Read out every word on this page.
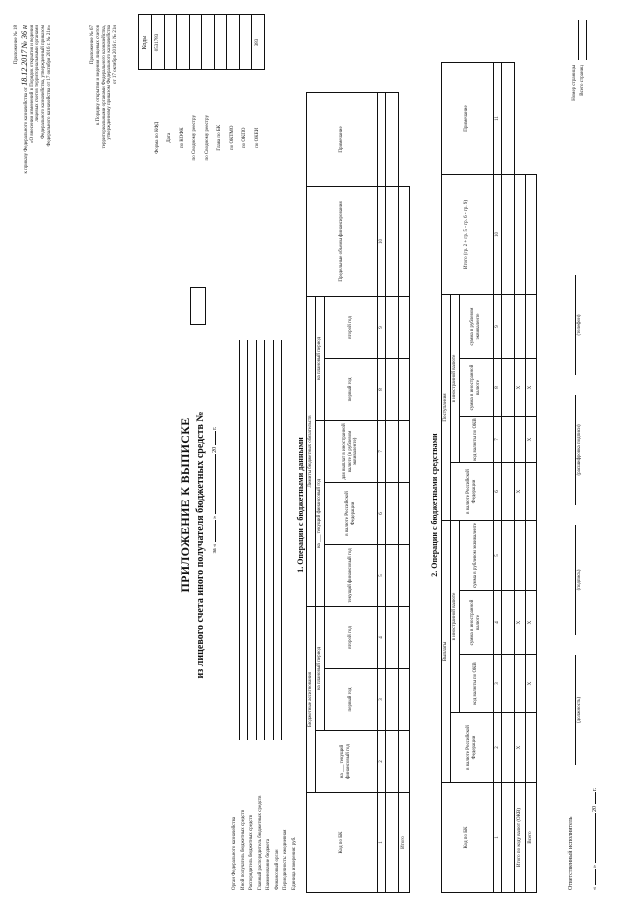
Приложение № 18
к приказу Федерального казначейства от 18.12.2017 № 36 н «О внесении изменений в Порядок открытия и ведения лицевых счетов территориальными органами Федерального казначейства, утвержденный приказом Федерального казначейства от 17 октября 2016 г. № 21н»	Приложение № 67 к Порядку открытия и ведения лицевых счетов территориальными органами Федерального казначейства, утвержденному приказом Федерального казначейства от 17 октября 2016 г. № 21н
ПРИЛОЖЕНИЕ К ВЫПИСКЕ из лицевого счета иного получателя бюджетных средств № за «  »  20  г.
Орган Федерального казначейства Иной получатель бюджетных средств Распорядитель бюджетных средств Главный распорядитель бюджетных средств Наименование бюджета Финансовый орган Периодичность: ежедневная Единица измерения: руб.
	Коды
Форма по КФД	0531783
Дата	
по КОФК	
по Сводному реестру	
по Сводному реестру	
Глава по БК	
по ОКТМО	
по ОКПО	
по ОКЕИ	383
1. Операции с бюджетными данными
Код по БК	Бюджетные ассигнования			Лимиты бюджетных обязательств					Предельные объемы финансирования	Примечание
	на ___ текущий финансовый год	на плановый период		на ___ текущий финансовый год			на плановый период			
		первый год	второй год	текущий финансовый год	в валюте Российской Федерации	для выплат в иностранной валюте (в рублевом эквиваленте)	первый год	второй год		

1	2	3	4	5	6	7	8	9	10	

Итого										
2. Операции с бюджетными средствами
Код по БК	Выплаты				Поступления				Итого (гр. 2 + гр. 5 - гр. 6 - гр. 9)	Примечание
	в валюте Российской Федерации	в иностранной валюте			в валюте Российской Федерации	в иностранной валюте				
		код валюты по ОКВ	сумма в иностранной валюте	сумма в рублевом эквиваленте		код валюты по ОКВ	сумма в иностранной валюте	сумма в рублевом эквиваленте		
1	2	3	4	5	6	7	8	9	10	11

Итого по коду валют (ОКВ)	X		X		X		X			
Всего		X	X			X	X			
Ответственный исполнитель
(должность)
(подпись)
(расшифровка подписи)
(телефон)
«  »  20  г.
Номер страницы Всего страниц
